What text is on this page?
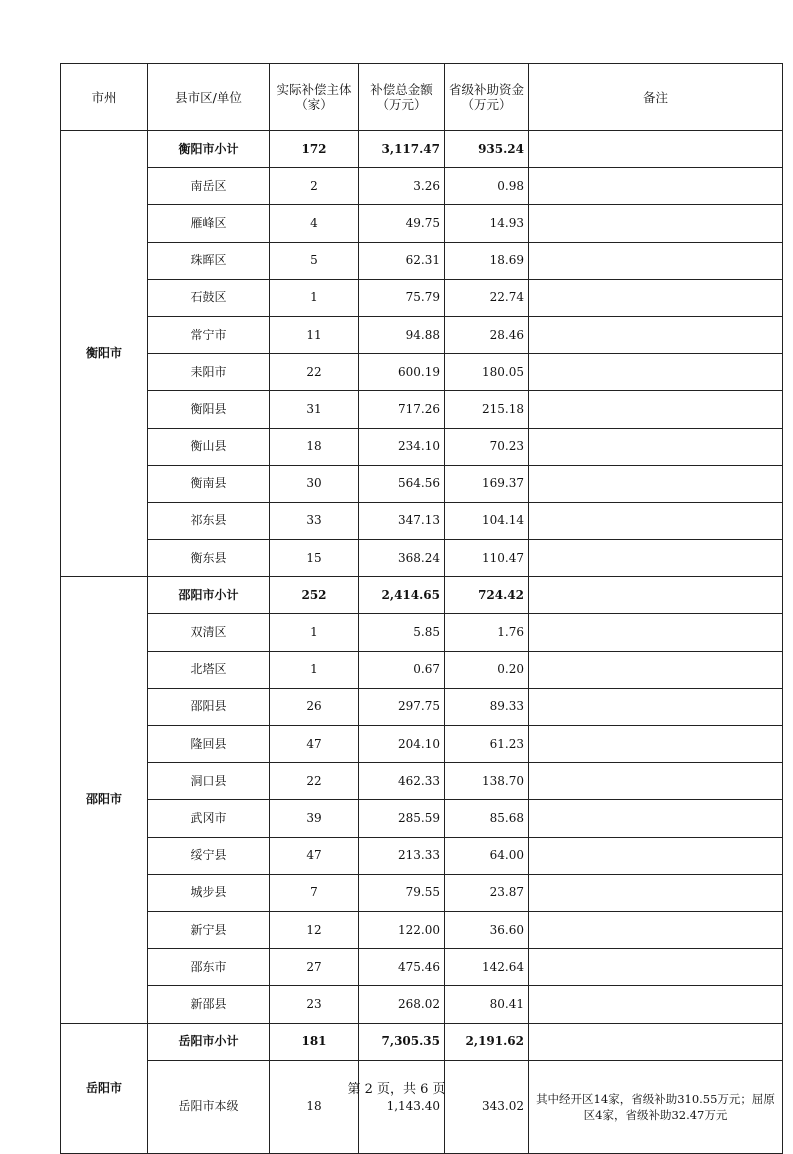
市州	县市区/单位	实际补偿主体（家）	补偿总金额（万元）	省级补助资金（万元）	备注
衡阳市	衡阳市小计	172	3,117.47	935.24	
	南岳区	2	3.26	0.98	
	雁峰区	4	49.75	14.93	
	珠晖区	5	62.31	18.69	
	石鼓区	1	75.79	22.74	
	常宁市	11	94.88	28.46	
	耒阳市	22	600.19	180.05	
	衡阳县	31	717.26	215.18	
	衡山县	18	234.10	70.23	
	衡南县	30	564.56	169.37	
	祁东县	33	347.13	104.14	
	衡东县	15	368.24	110.47	
邵阳市	邵阳市小计	252	2,414.65	724.42	
	双清区	1	5.85	1.76	
	北塔区	1	0.67	0.20	
	邵阳县	26	297.75	89.33	
	隆回县	47	204.10	61.23	
	洞口县	22	462.33	138.70	
	武冈市	39	285.59	85.68	
	绥宁县	47	213.33	64.00	
	城步县	7	79.55	23.87	
	新宁县	12	122.00	36.60	
	邵东市	27	475.46	142.64	
	新邵县	23	268.02	80.41	
岳阳市	岳阳市小计	181	7,305.35	2,191.62	
	岳阳市本级	18	1,143.40	343.02	其中经开区14家，省级补助310.55万元；屈原区4家，省级补助32.47万元
第 2 页，共 6 页
